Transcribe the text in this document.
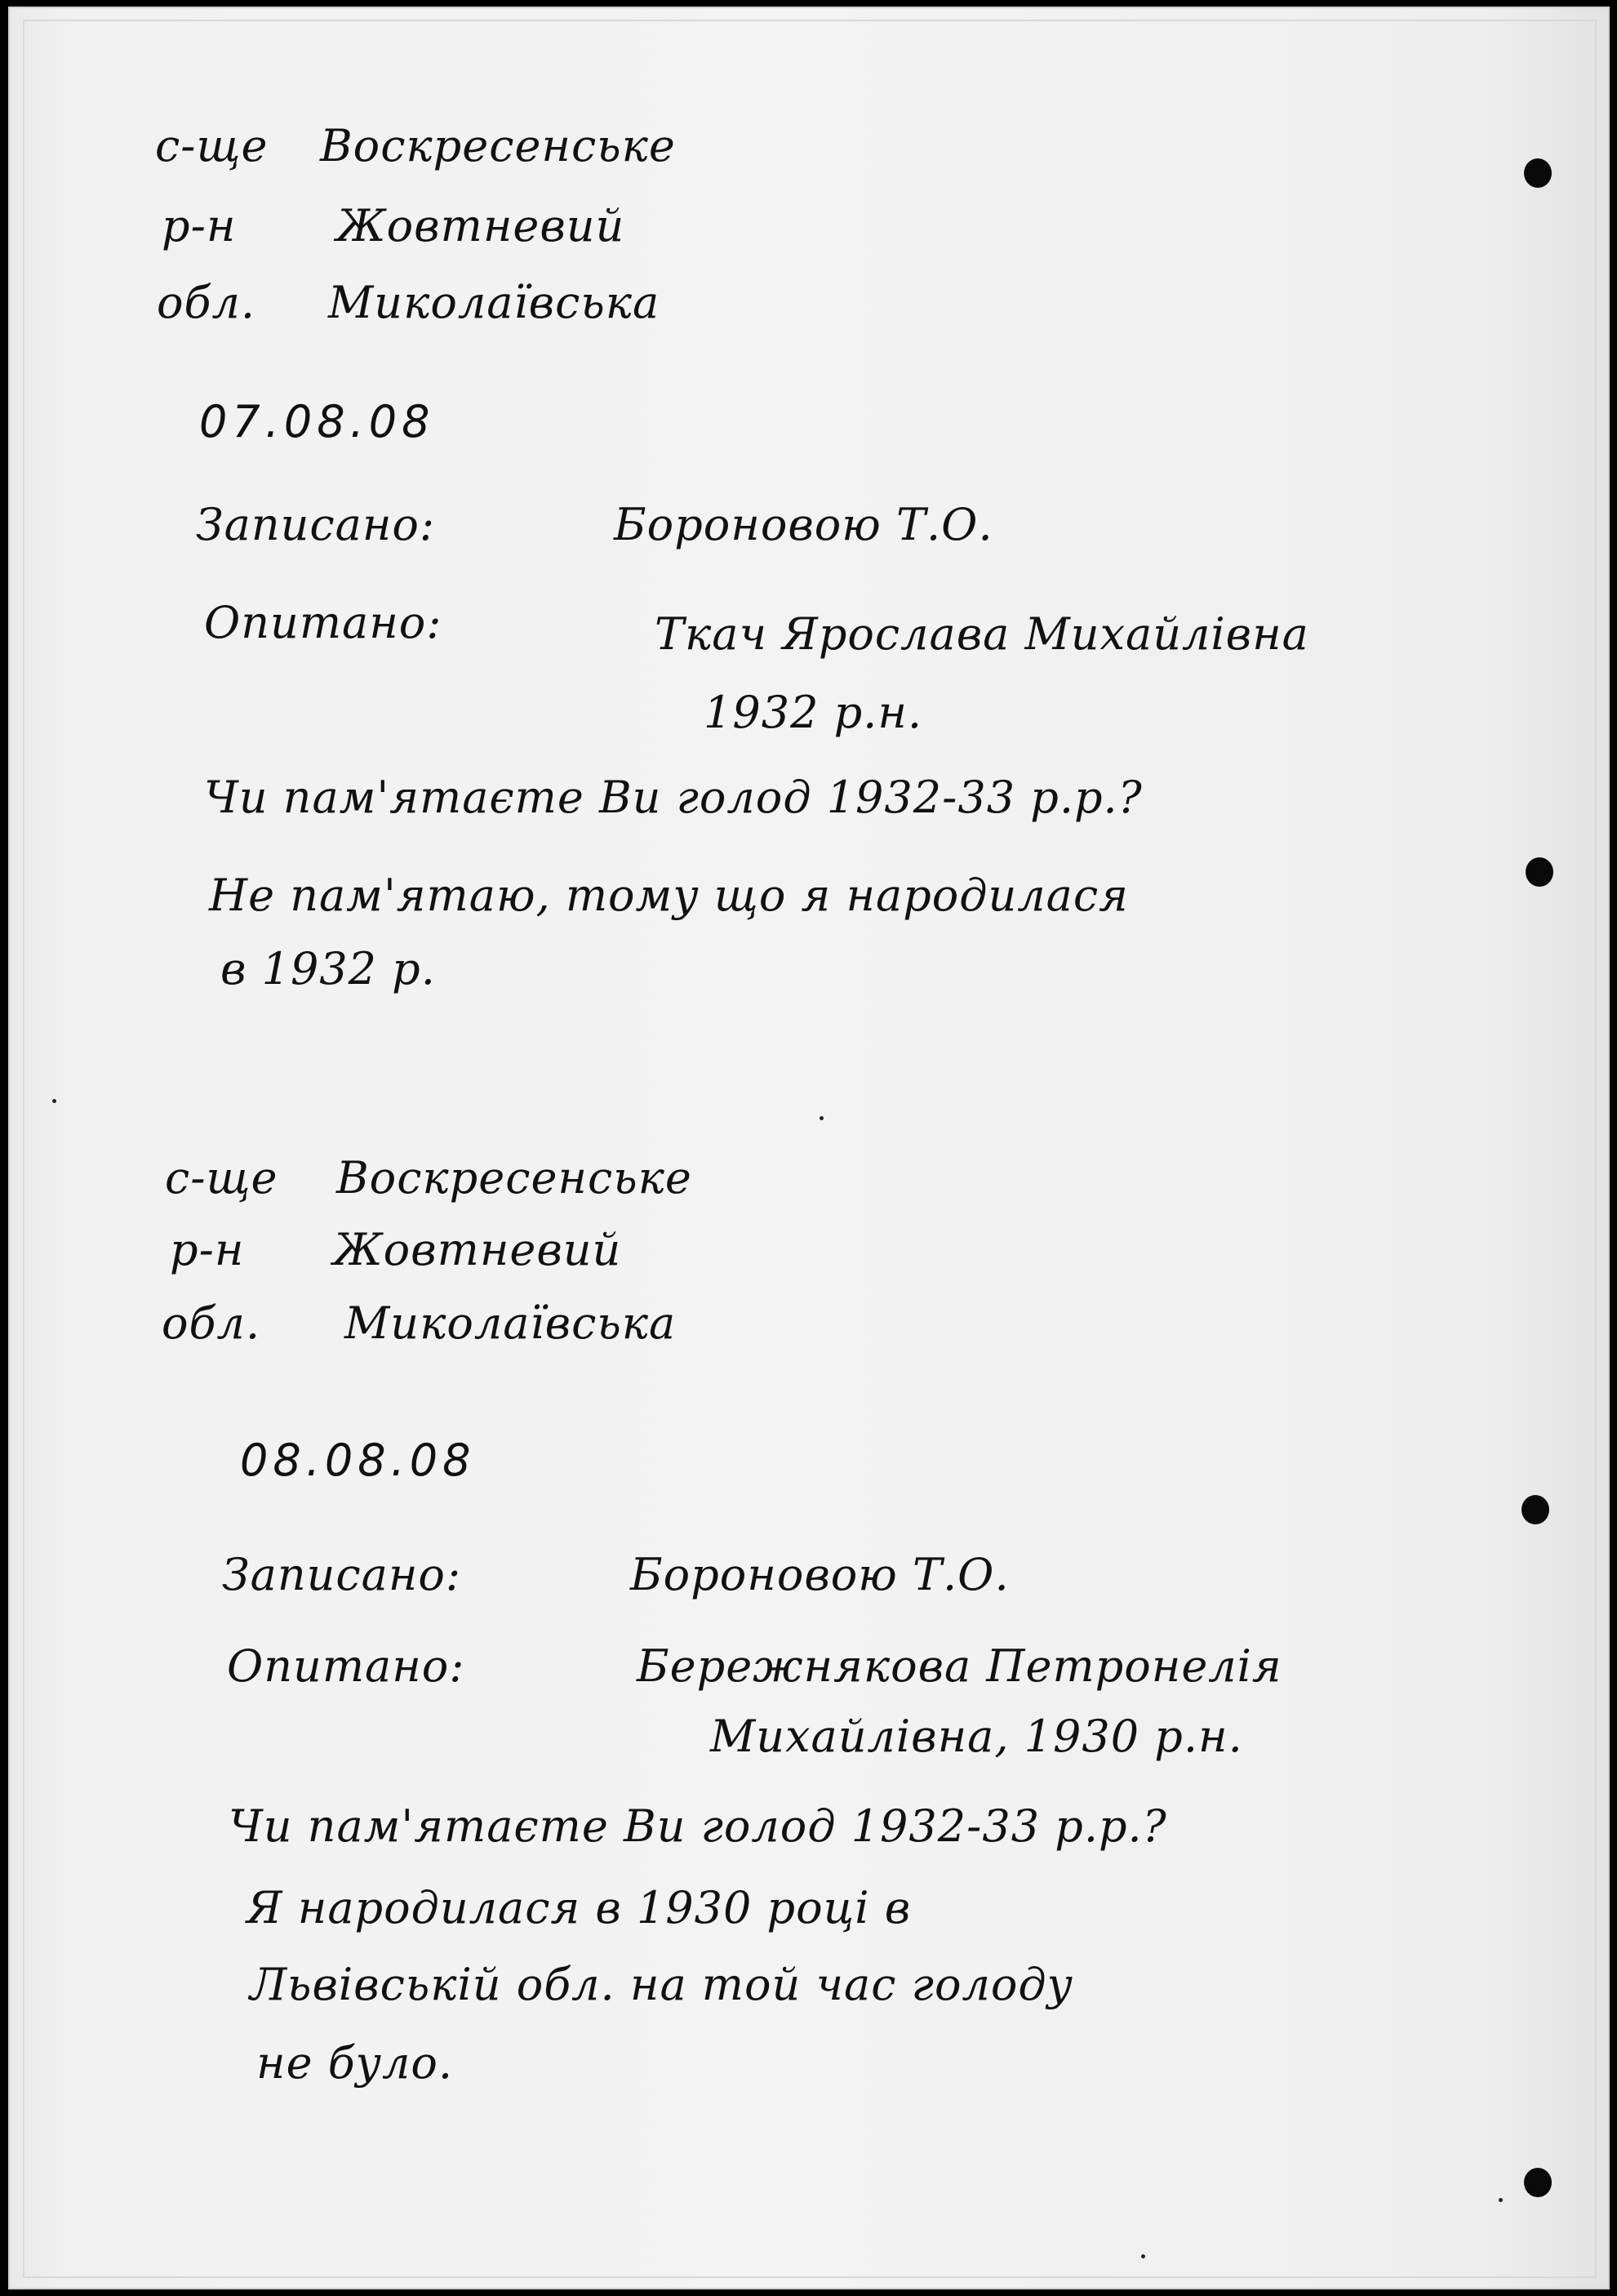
с-ще Воскресенське
р-н Жовтневий
обл. Миколаївська
07.08.08
Записано:	Бороновою Т.О.
Опитано:	Ткач Ярослава Михайлівна
1932 р.н.
Чи пам'ятаєте Ви голод 1932-33 р.р.?
Не пам'ятаю, тому що я народилася
в 1932 р.
с-ще Воскресенське
р-н Жовтневий
обл. Миколаївська
08.08.08
Записано:	Бороновою Т.О.
Опитано:	Бережнякова Петронелія
Михайлівна, 1930 р.н.
Чи пам'ятаєте Ви голод 1932-33 р.р.?
Я народилася в 1930 році в
Львівській обл. на той час голоду
не було.
